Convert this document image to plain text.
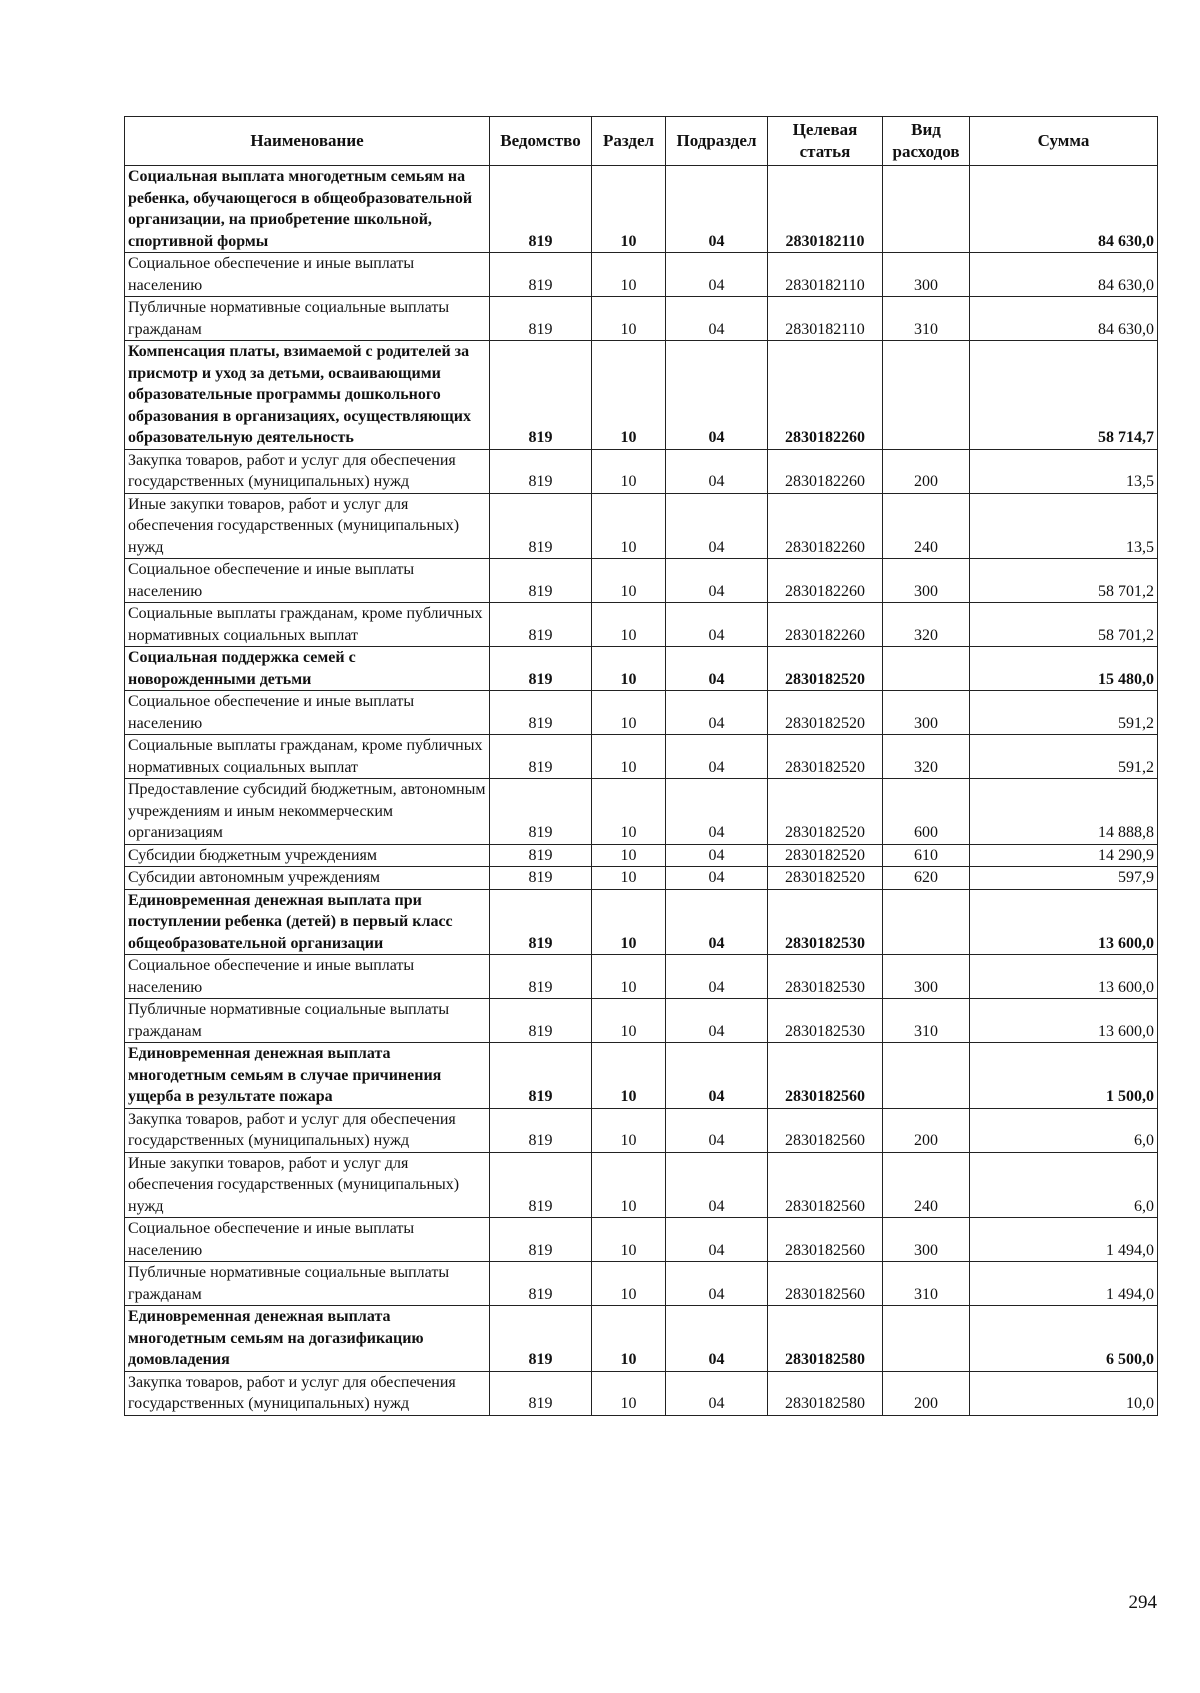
Наименование	Ведомство	Раздел	Подраздел	Целевая статья	Вид расходов	Сумма
Социальная выплата многодетным семьям на ребенка, обучающегося в общеобразовательной организации, на приобретение школьной, спортивной формы	819	10	04	2830182110		84 630,0
Социальное обеспечение и иные выплаты населению	819	10	04	2830182110	300	84 630,0
Публичные нормативные социальные выплаты гражданам	819	10	04	2830182110	310	84 630,0
Компенсация платы, взимаемой с родителей за присмотр и уход за детьми, осваивающими образовательные программы дошкольного образования в организациях, осуществляющих образовательную деятельность	819	10	04	2830182260		58 714,7
Закупка товаров, работ и услуг для обеспечения государственных (муниципальных) нужд	819	10	04	2830182260	200	13,5
Иные закупки товаров, работ и услуг для обеспечения государственных (муниципальных) нужд	819	10	04	2830182260	240	13,5
Социальное обеспечение и иные выплаты населению	819	10	04	2830182260	300	58 701,2
Социальные выплаты гражданам, кроме публичных нормативных социальных выплат	819	10	04	2830182260	320	58 701,2
Социальная поддержка семей с новорожденными детьми	819	10	04	2830182520		15 480,0
Социальное обеспечение и иные выплаты населению	819	10	04	2830182520	300	591,2
Социальные выплаты гражданам, кроме публичных нормативных социальных выплат	819	10	04	2830182520	320	591,2
Предоставление субсидий бюджетным, автономным учреждениям и иным некоммерческим организациям	819	10	04	2830182520	600	14 888,8
Субсидии бюджетным учреждениям	819	10	04	2830182520	610	14 290,9
Субсидии автономным учреждениям	819	10	04	2830182520	620	597,9
Единовременная денежная выплата при поступлении ребенка (детей) в первый класс общеобразовательной организации	819	10	04	2830182530		13 600,0
Социальное обеспечение и иные выплаты населению	819	10	04	2830182530	300	13 600,0
Публичные нормативные социальные выплаты гражданам	819	10	04	2830182530	310	13 600,0
Единовременная денежная выплата многодетным семьям в случае причинения ущерба в результате пожара	819	10	04	2830182560		1 500,0
Закупка товаров, работ и услуг для обеспечения государственных (муниципальных) нужд	819	10	04	2830182560	200	6,0
Иные закупки товаров, работ и услуг для обеспечения государственных (муниципальных) нужд	819	10	04	2830182560	240	6,0
Социальное обеспечение и иные выплаты населению	819	10	04	2830182560	300	1 494,0
Публичные нормативные социальные выплаты гражданам	819	10	04	2830182560	310	1 494,0
Единовременная денежная выплата многодетным семьям на догазификацию домовладения	819	10	04	2830182580		6 500,0
Закупка товаров, работ и услуг для обеспечения государственных (муниципальных) нужд	819	10	04	2830182580	200	10,0
294
